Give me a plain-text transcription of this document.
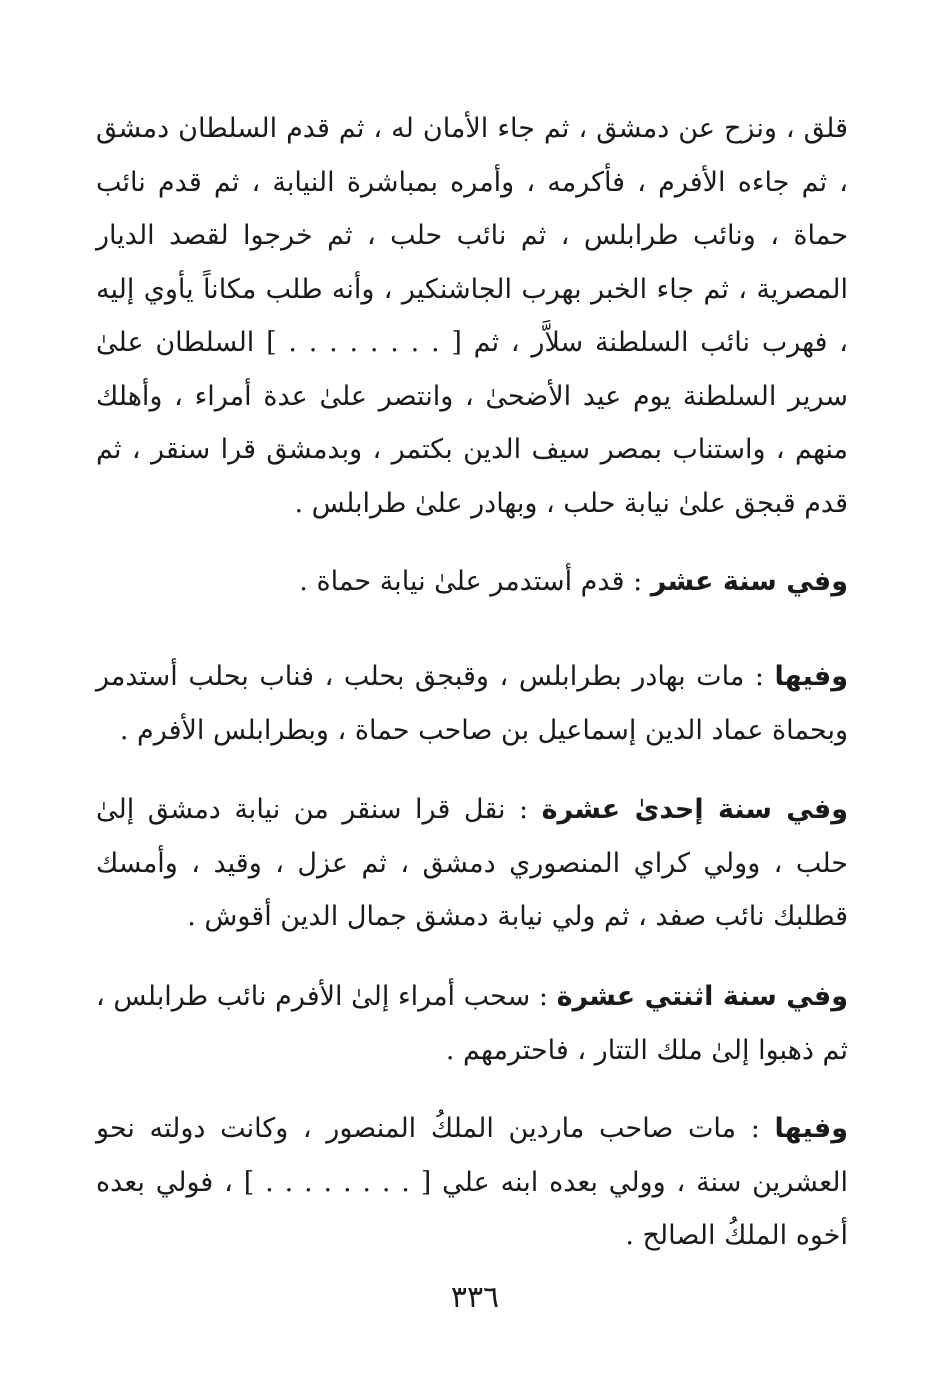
قلق ، ونزح عن دمشق ، ثم جاء الأمان له ، ثم قدم السلطان دمشق ، ثم جاءه الأفرم ، فأكرمه ، وأمره بمباشرة النيابة ، ثم قدم نائب حماة ، ونائب طرابلس ، ثم نائب حلب ، ثم خرجوا لقصد الديار المصرية ، ثم جاء الخبر بهرب الجاشنكير ، وأنه طلب مكاناً يأوي إليه ، فهرب نائب السلطنة سلاَّر ، ثم [ . . . . . . . . ] السلطان علىٰ سرير السلطنة يوم عيد الأضحىٰ ، وانتصر علىٰ عدة أمراء ، وأهلك منهم ، واستناب بمصر سيف الدين بكتمر ، وبدمشق قرا سنقر ، ثم قدم قبجق علىٰ نيابة حلب ، وبهادر علىٰ طرابلس .
وفي سنة عشر : قدم أستدمر علىٰ نيابة حماة .
وفيها : مات بهادر بطرابلس ، وقبجق بحلب ، فناب بحلب أستدمر وبحماة عماد الدين إسماعيل بن صاحب حماة ، وبطرابلس الأفرم .
وفي سنة إحدىٰ عشرة : نقل قرا سنقر من نيابة دمشق إلىٰ حلب ، وولي كراي المنصوري دمشق ، ثم عزل ، وقيد ، وأمسك قطلبك نائب صفد ، ثم ولي نيابة دمشق جمال الدين أقوش .
وفي سنة اثنتي عشرة : سحب أمراء إلىٰ الأفرم نائب طرابلس ، ثم ذهبوا إلىٰ ملك التتار ، فاحترمهم .
وفيها : مات صاحب ماردين الملكُ المنصور ، وكانت دولته نحو العشرين سنة ، وولي بعده ابنه علي [ . . . . . . . . ] ، فولي بعده أخوه الملكُ الصالح .
٣٣٦
